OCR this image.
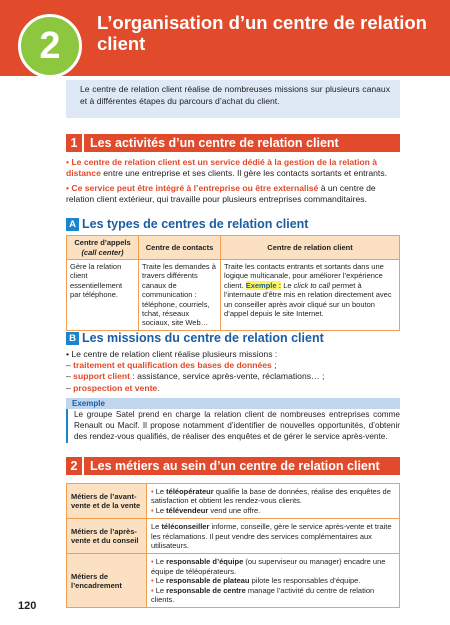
2
L’organisation d’un centre de relation client
Le centre de relation client réalise de nombreuses missions sur plusieurs canaux et à différentes étapes du parcours d’achat du client.
1 Les activités d’un centre de relation client
• Le centre de relation client est un service dédié à la gestion de la relation à distance entre une entreprise et ses clients. Il gère les contacts sortants et entrants.
• Ce service peut être intégré à l’entreprise ou être externalisé à un centre de relation client extérieur, qui travaille pour plusieurs entreprises commanditaires.
A Les types de centres de relation client
Centre d’appels
(call center)	Centre de contacts	Centre de relation client
Gère la relation client essentiellement par téléphone.	Traite les demandes à travers différents canaux de communication : téléphone, courriels, tchat, réseaux sociaux, site Web…	Traite les contacts entrants et sortants dans une logique multicanale, pour améliorer l’expérience client. Exemple : Le click to call permet à l’internaute d’être mis en relation directement avec un conseiller après avoir cliqué sur un bouton d’appel depuis le site Internet.
B Les missions du centre de relation client
• Le centre de relation client réalise plusieurs missions :
– traitement et qualification des bases de données ;
– support client : assistance, service après-vente, réclamations… ;
– prospection et vente.
Exemple
Le groupe Satel prend en charge la relation client de nombreuses entreprises comme Renault ou Macif. Il propose notamment d’identifier de nouvelles opportunités, d’obtenir des rendez-vous qualifiés, de réaliser des enquêtes et de gérer le service après-vente.
2 Les métiers au sein d’un centre de relation client
Métiers de l’avant-vente et de la vente	• Le téléopérateur qualifie la base de données, réalise des enquêtes de satisfaction et obtient les rendez-vous clients.
• Le télévendeur vend une offre.

Métiers de l’après-vente et du conseil	Le téléconseiller informe, conseille, gère le service après-vente et traite les réclamations. Il peut vendre des services complémentaires aux utilisateurs.

Métiers de l’encadrement	• Le responsable d’équipe (ou superviseur ou manager) encadre une équipe de téléopérateurs.
• Le responsable de plateau pilote les responsables d’équipe.
• Le responsable de centre manage l’activité du centre de relation clients.
120
